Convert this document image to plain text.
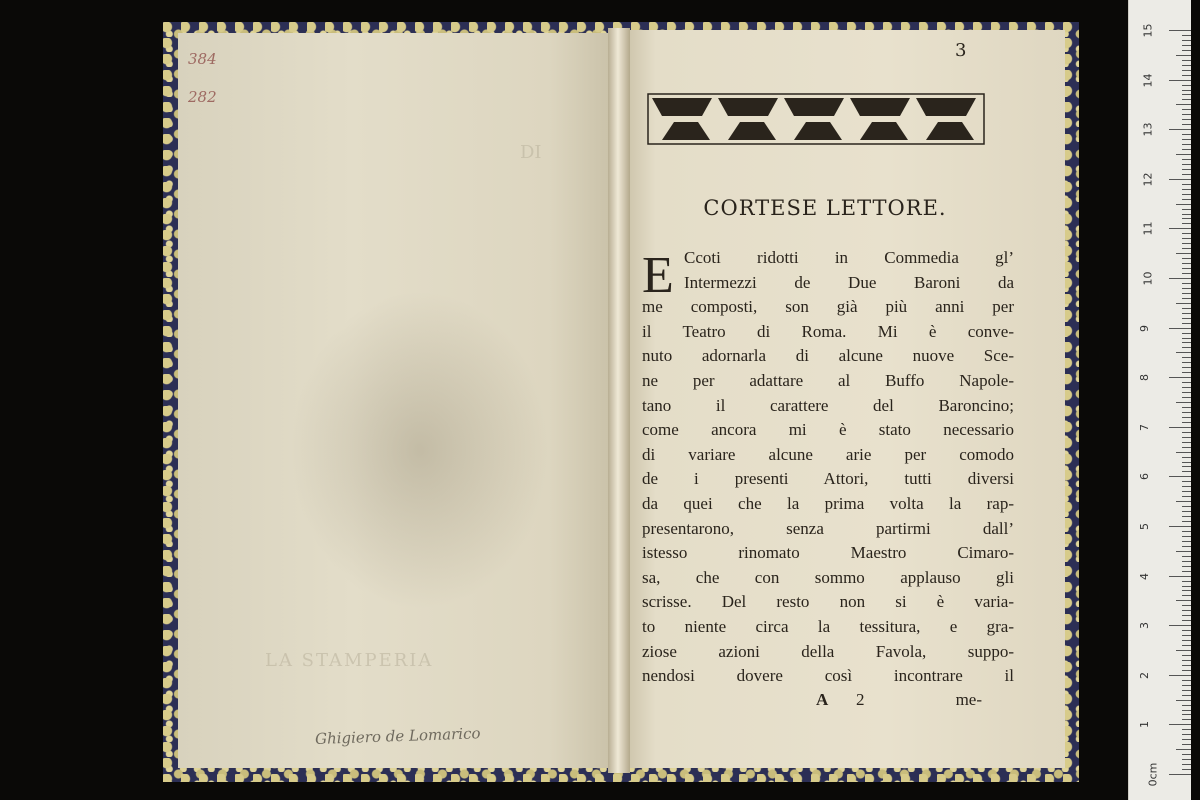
DI
LA STAMPERIA
384
282
Ghigiero de Lomarico
3
CORTESE LETTORE.
E Ccoti ridotti in Commedia gl’
Intermezzi de Due Baroni da
me composti, son già più anni per
il Teatro di Roma. Mi è conve-
nuto adornarla di alcune nuove Sce-
ne per adattare al Buffo Napole-
tano il carattere del Baroncino;
come ancora mi è stato necessario
di variare alcune arie per comodo
de i presenti Attori, tutti diversi
da quei che la prima volta la rap-
presentarono, senza partirmi dall’
istesso rinomato Maestro Cimaro-
sa, che con sommo applauso gli
scrisse. Del resto non si è varia-
to niente circa la tessitura, e gra-
ziose azioni della Favola, suppo-
nendosi dovere così incontrare il
A 2	me-
15
14
13
12
11
10
9
8
7
6
5
4
3
2
1
0cm
